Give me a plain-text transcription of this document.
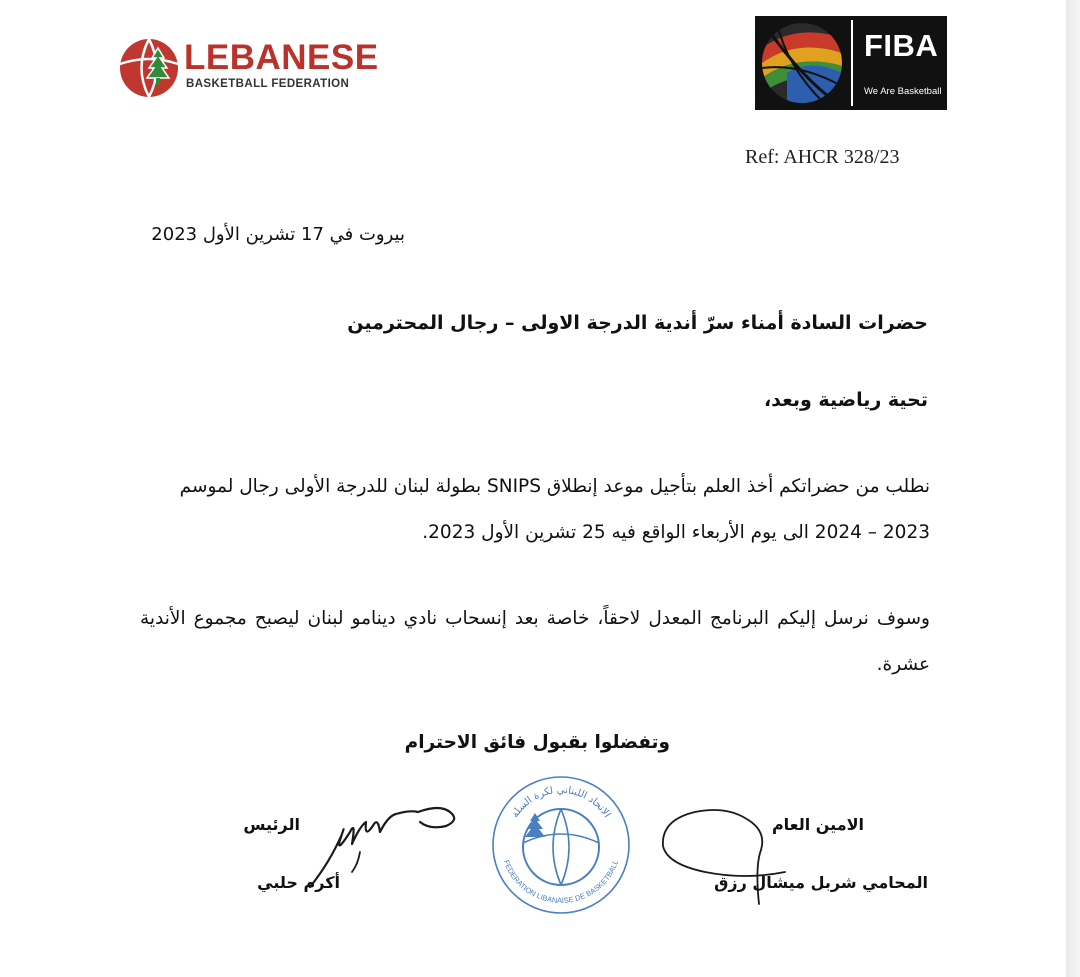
LEBANESE
BASKETBALL FEDERATION
FIBA
We Are Basketball
Ref: AHCR 328/23
بيروت في 17 تشرين الأول 2023
حضرات السادة أمناء سرّ أندية الدرجة الاولى – رجال المحترمين
تحية رياضية وبعد،
نطلب من حضراتكم أخذ العلم بتأجيل موعد إنطلاق SNIPS بطولة لبنان للدرجة الأولى رجال لموسم 2023 – 2024 الى يوم الأربعاء الواقع فيه 25 تشرين الأول 2023.
وسوف نرسل إليكم البرنامج المعدل لاحقاً، خاصة بعد إنسحاب نادي دينامو لبنان ليصبح مجموع الأندية عشرة.
وتفضلوا بقبول فائق الاحترام
الرئيس
أكرم حلبي
الاتحاد اللبناني لكرة السلة
FEDERATION LIBANAISE DE BASKETBALL
الامين العام
المحامي شربل ميشال رزق
